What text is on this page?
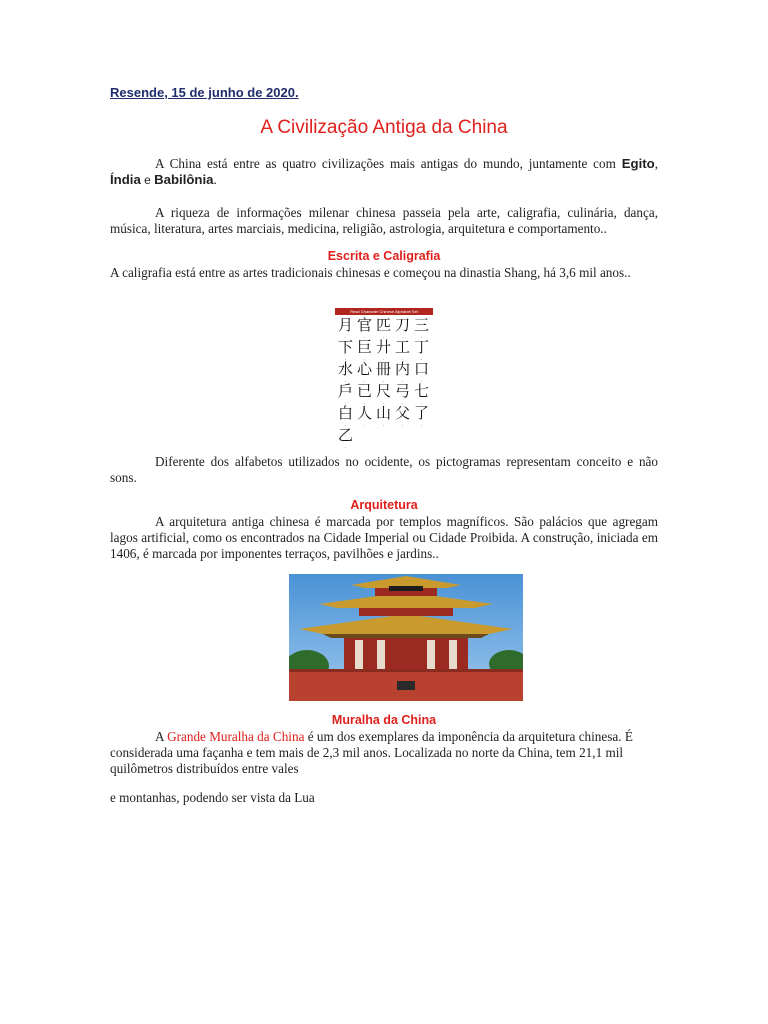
Resende, 15 de junho de 2020.
A Civilização Antiga da China
A China está entre as quatro civilizações mais antigas do mundo, juntamente com Egito, Índia e Babilônia.
A riqueza de informações milenar chinesa passeia pela arte, caligrafia, culinária, dança, música, literatura, artes marciais, medicina, religião, astrologia, arquitetura e comportamento..
Escrita e Caligrafia
A caligrafia está entre as artes tradicionais chinesas e começou na dinastia Shang, há 3,6 mil anos..
Read Character Chinese Alphabet Set
月 · 官 · 匹 · 刀 · 三 ·
下 · 巨 · 廾 · 工 · 丁 ·
水 · 心 · 冊 · 内 · 口 ·
戶 · 已 · 尺 · 弓 · 七 ·
白 · 人 · 山 · 父 · 了 ·
乙 ·
Diferente dos alfabetos utilizados no ocidente, os pictogramas representam conceito e não sons.
Arquitetura
A arquitetura antiga chinesa é marcada por templos magníficos. São palácios que agregam lagos artificial, como os encontrados na Cidade Imperial ou Cidade Proibida. A construção, iniciada em 1406, é marcada por imponentes terraços, pavilhões e jardins..
Muralha da China
A Grande Muralha da China é um dos exemplares da imponência da arquitetura chinesa. É considerada uma façanha e tem mais de 2,3 mil anos. Localizada no norte da China, tem 21,1 mil quilômetros distribuídos entre vales
e montanhas, podendo ser vista da Lua
